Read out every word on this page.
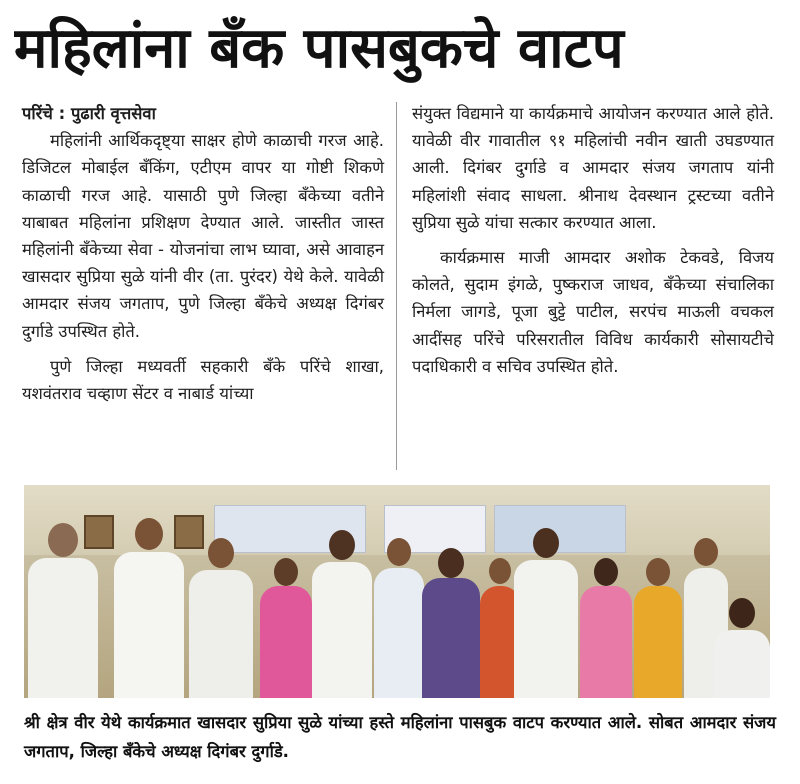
महिलांना बँक पासबुकचे वाटप
परिंचे : पुढारी वृत्तसेवा

महिलांनी आर्थिकदृष्ट्या साक्षर होणे काळाची गरज आहे. डिजिटल मोबाईल बँकिंग, एटीएम वापर या गोष्टी शिकणे काळाची गरज आहे. यासाठी पुणे जिल्हा बँकेच्या वतीने याबाबत महिलांना प्रशिक्षण देण्यात आले. जास्तीत जास्त महिलांनी बँकेच्या सेवा - योजनांचा लाभ घ्यावा, असे आवाहन खासदार सुप्रिया सुळे यांनी वीर (ता. पुरंदर) येथे केले. यावेळी आमदार संजय जगताप, पुणे जिल्हा बँकेचे अध्यक्ष दिगंबर दुर्गाडे उपस्थित होते.

पुणे जिल्हा मध्यवर्ती सहकारी बँके परिंचे शाखा, यशवंतराव चव्हाण सेंटर व नाबार्ड यांच्या

संयुक्त विद्यमाने या कार्यक्रमाचे आयोजन करण्यात आले होते. यावेळी वीर गावातील ९१ महिलांची नवीन खाती उघडण्यात आली. दिगंबर दुर्गाडे व आमदार संजय जगताप यांनी महिलांशी संवाद साधला. श्रीनाथ देवस्थान ट्रस्टच्या वतीने सुप्रिया सुळे यांचा सत्कार करण्यात आला.

कार्यक्रमास माजी आमदार अशोक टेकवडे, विजय कोलते, सुदाम इंगळे, पुष्कराज जाधव, बँकेच्या संचालिका निर्मला जागडे, पूजा बुट्टे पाटील, सरपंच माऊली वचकल आदींसह परिंचे परिसरातील विविध कार्यकारी सोसायटीचे पदाधिकारी व सचिव उपस्थित होते.

श्री क्षेत्र वीर येथे कार्यक्रमात खासदार सुप्रिया सुळे यांच्या हस्ते महिलांना पासबुक वाटप करण्यात आले. सोबत आमदार संजय जगताप, जिल्हा बँकेचे अध्यक्ष दिगंबर दुर्गाडे.
